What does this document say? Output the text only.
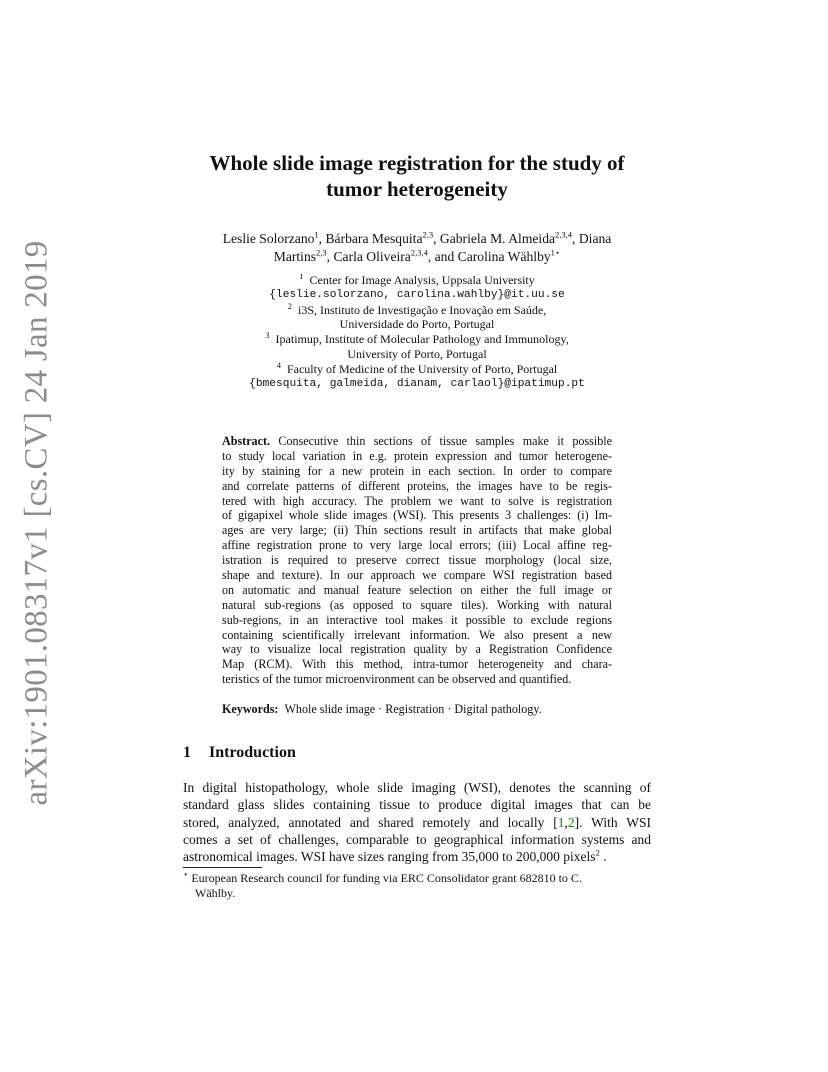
arXiv:1901.08317v1 [cs.CV] 24 Jan 2019
Whole slide image registration for the study of
tumor heterogeneity
Leslie Solorzano$^1$, Bárbara Mesquita$^{2,3}$, Gabriela M. Almeida$^{2,3,4}$, Diana
Martins$^{2,3}$, Carla Oliveira$^{2,3,4}$, and Carolina Wählby$^{1⋆}$
$^1$ Center for Image Analysis, Uppsala University
{leslie.solorzano, carolina.wahlby}@it.uu.se
$^2$ i3S, Instituto de Investigação e Inovação em Saúde,
Universidade do Porto, Portugal
$^3$ Ipatimup, Institute of Molecular Pathology and Immunology,
University of Porto, Portugal
$^4$ Faculty of Medicine of the University of Porto, Portugal
{bmesquita, galmeida, dianam, carlaol}@ipatimup.pt
Abstract. Consecutive thin sections of tissue samples make it possible
to study local variation in e.g. protein expression and tumor heterogene-
ity by staining for a new protein in each section. In order to compare
and correlate patterns of different proteins, the images have to be regis-
tered with high accuracy. The problem we want to solve is registration
of gigapixel whole slide images (WSI). This presents 3 challenges: (i) Im-
ages are very large; (ii) Thin sections result in artifacts that make global
affine registration prone to very large local errors; (iii) Local affine reg-
istration is required to preserve correct tissue morphology (local size,
shape and texture). In our approach we compare WSI registration based
on automatic and manual feature selection on either the full image or
natural sub-regions (as opposed to square tiles). Working with natural
sub-regions, in an interactive tool makes it possible to exclude regions
containing scientifically irrelevant information. We also present a new
way to visualize local registration quality by a Registration Confidence
Map (RCM). With this method, intra-tumor heterogeneity and chara-
teristics of the tumor microenvironment can be observed and quantified.
Keywords: Whole slide image · Registration · Digital pathology.
1 Introduction
In digital histopathology, whole slide imaging (WSI), denotes the scanning of
standard glass slides containing tissue to produce digital images that can be
stored, analyzed, annotated and shared remotely and locally [1,2]. With WSI
comes a set of challenges, comparable to geographical information systems and
astronomical images. WSI have sizes ranging from 35,000 to 200,000 pixels$^2$ .
⋆ European Research council for funding via ERC Consolidator grant 682810 to C.
Wählby.
